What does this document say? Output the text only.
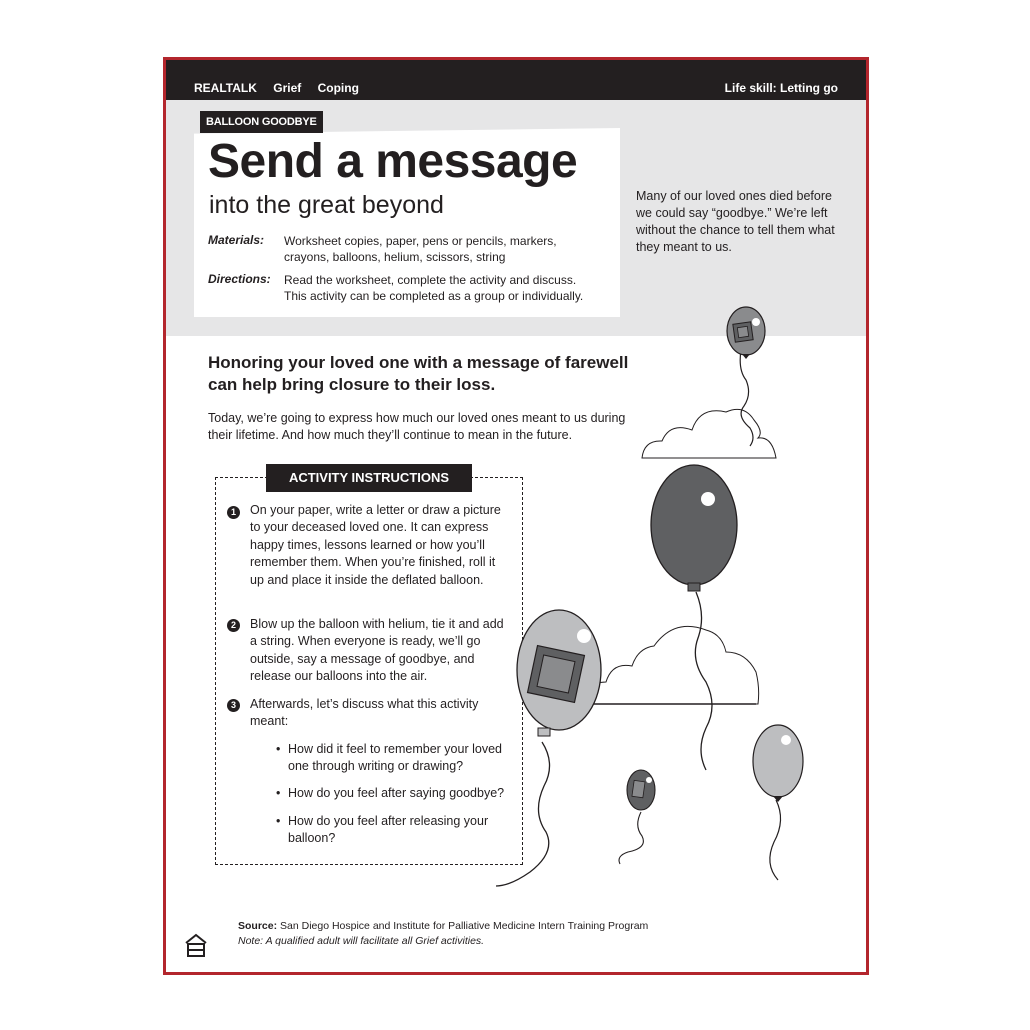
REALTALK Grief Coping	Life skill: Letting go
BALLOON GOODBYE
Send a message
into the great beyond
Materials: Worksheet copies, paper, pens or pencils, markers, crayons, balloons, helium, scissors, string
Directions: Read the worksheet, complete the activity and discuss. This activity can be completed as a group or individually.
Many of our loved ones died before we could say “goodbye.” We’re left without the chance to tell them what they meant to us.
Honoring your loved one with a message of farewell can help bring closure to their loss.
Today, we’re going to express how much our loved ones meant to us during their lifetime. And how much they’ll continue to mean in the future.
ACTIVITY INSTRUCTIONS
1	On your paper, write a letter or draw a picture to your deceased loved one. It can express happy times, lessons learned or how you’ll remember them. When you’re finished, roll it up and place it inside the deflated balloon.
2	Blow up the balloon with helium, tie it and add a string. When everyone is ready, we’ll go outside, say a message of goodbye, and release our balloons into the air.
3	Afterwards, let’s discuss what this activity meant:
• How did it feel to remember your loved one through writing or drawing?
• How do you feel after saying goodbye?
• How do you feel after releasing your balloon?
Source: San Diego Hospice and Institute for Palliative Medicine Intern Training Program
Note: A qualified adult will facilitate all Grief activities.
